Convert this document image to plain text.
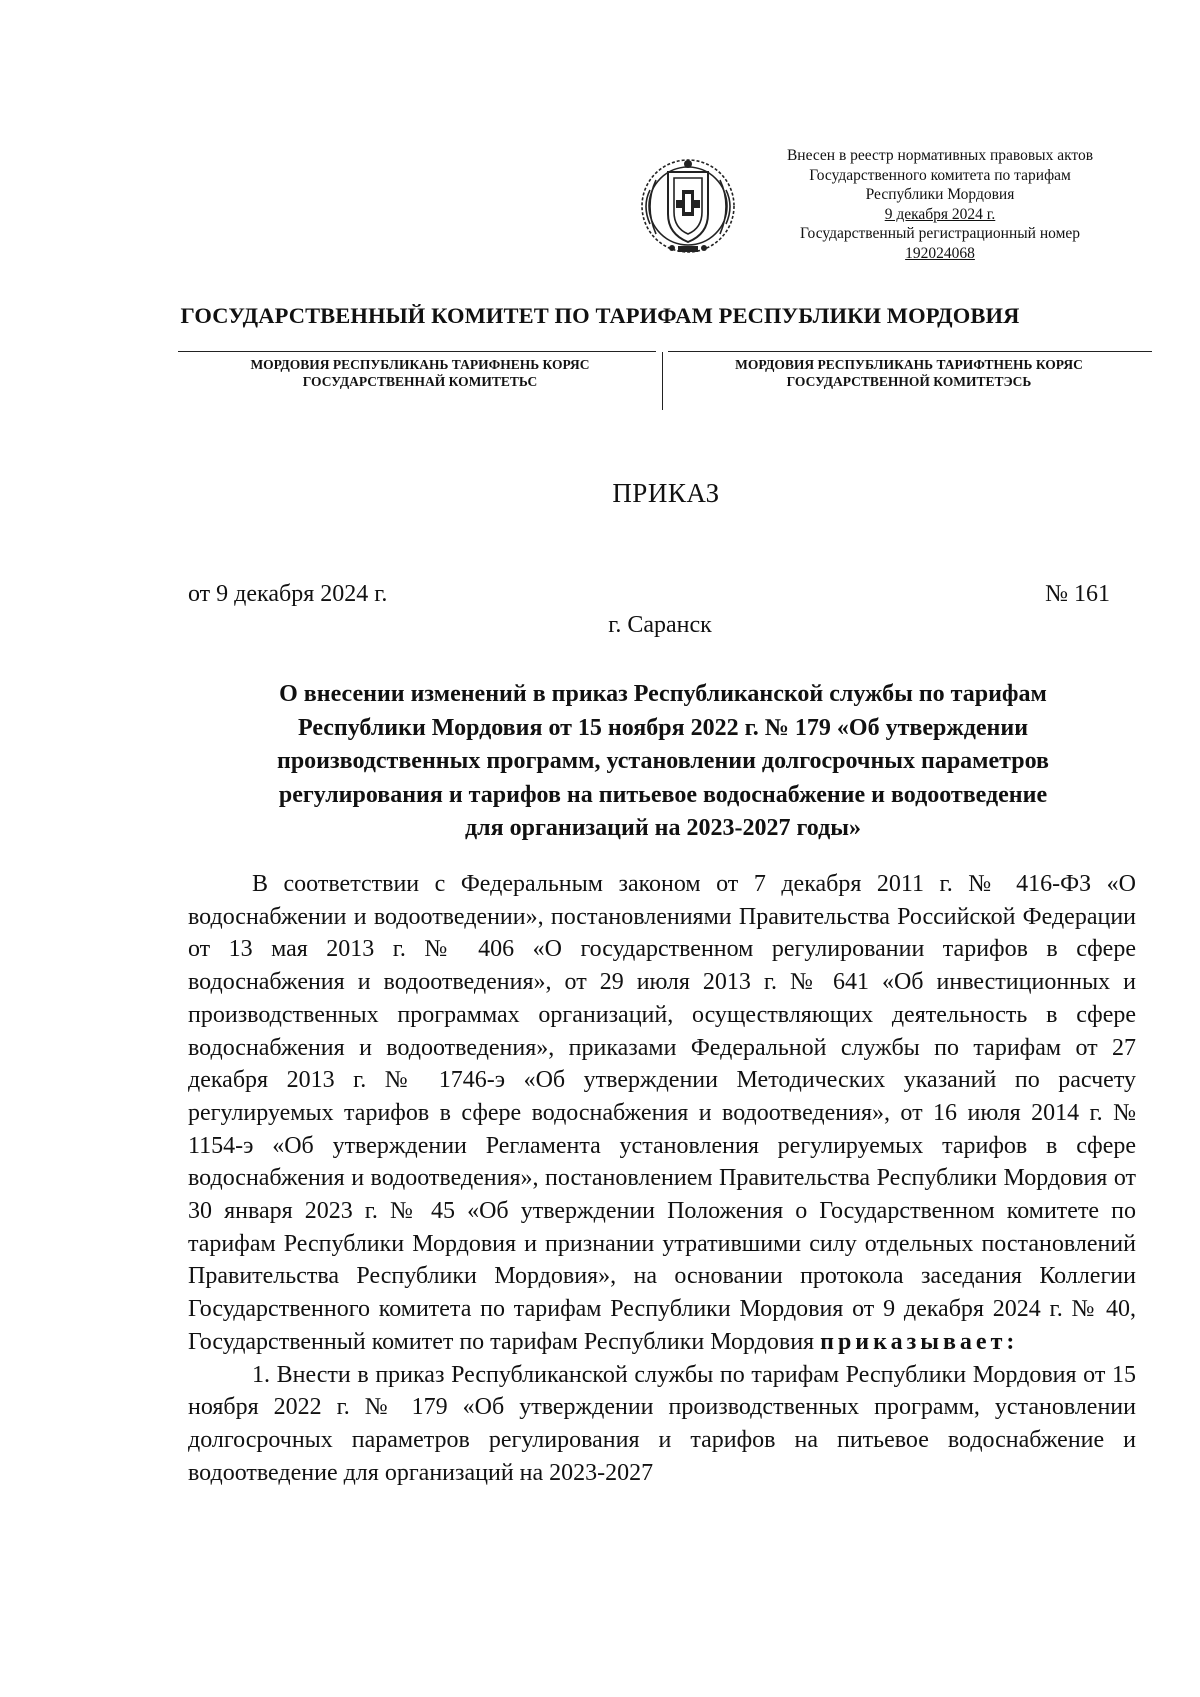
Внесен в реестр нормативных правовых актов
Государственного комитета по тарифам
Республики Мордовия
9 декабря 2024 г.
Государственный регистрационный номер
192024068
ГОСУДАРСТВЕННЫЙ КОМИТЕТ ПО ТАРИФАМ РЕСПУБЛИКИ МОРДОВИЯ
МОРДОВИЯ РЕСПУБЛИКАНЬ ТАРИФНЕНЬ КОРЯС
ГОСУДАРСТВЕННАЙ КОМИТЕТЬС
МОРДОВИЯ РЕСПУБЛИКАНЬ ТАРИФТНЕНЬ КОРЯС
ГОСУДАРСТВЕННОЙ КОМИТЕТЭСЬ
ПРИКАЗ
от 9 декабря 2024 г.	№ 161
г. Саранск
О внесении изменений в приказ Республиканской службы по тарифам
Республики Мордовия от 15 ноября 2022 г. № 179 «Об утверждении
производственных программ, установлении долгосрочных параметров
регулирования и тарифов на питьевое водоснабжение и водоотведение
для организаций на 2023-2027 годы»

В соответствии с Федеральным законом от 7 декабря 2011 г. № 416-ФЗ «О водоснабжении и водоотведении», постановлениями Правительства Российской Федерации от 13 мая 2013 г. № 406 «О государственном регулировании тарифов в сфере водоснабжения и водоотведения», от 29 июля 2013 г. № 641 «Об инвестиционных и производственных программах организаций, осуществляющих деятельность в сфере водоснабжения и водоотведения», приказами Федеральной службы по тарифам от 27 декабря 2013 г. № 1746-э «Об утверждении Методических указаний по расчету регулируемых тарифов в сфере водоснабжения и водоотведения», от 16 июля 2014 г. № 1154-э «Об утверждении Регламента установления регулируемых тарифов в сфере водоснабжения и водоотведения», постановлением Правительства Республики Мордовия от 30 января 2023 г. № 45 «Об утверждении Положения о Государственном комитете по тарифам Республики Мордовия и признании утратившими силу отдельных постановлений Правительства Республики Мордовия», на основании протокола заседания Коллегии Государственного комитета по тарифам Республики Мордовия от 9 декабря 2024 г. № 40, Государственный комитет по тарифам Республики Мордовия приказывает:

1. Внести в приказ Республиканской службы по тарифам Республики Мордовия от 15 ноября 2022 г. № 179 «Об утверждении производственных программ, установлении долгосрочных параметров регулирования и тарифов на питьевое водоснабжение и водоотведение для организаций на 2023-2027
